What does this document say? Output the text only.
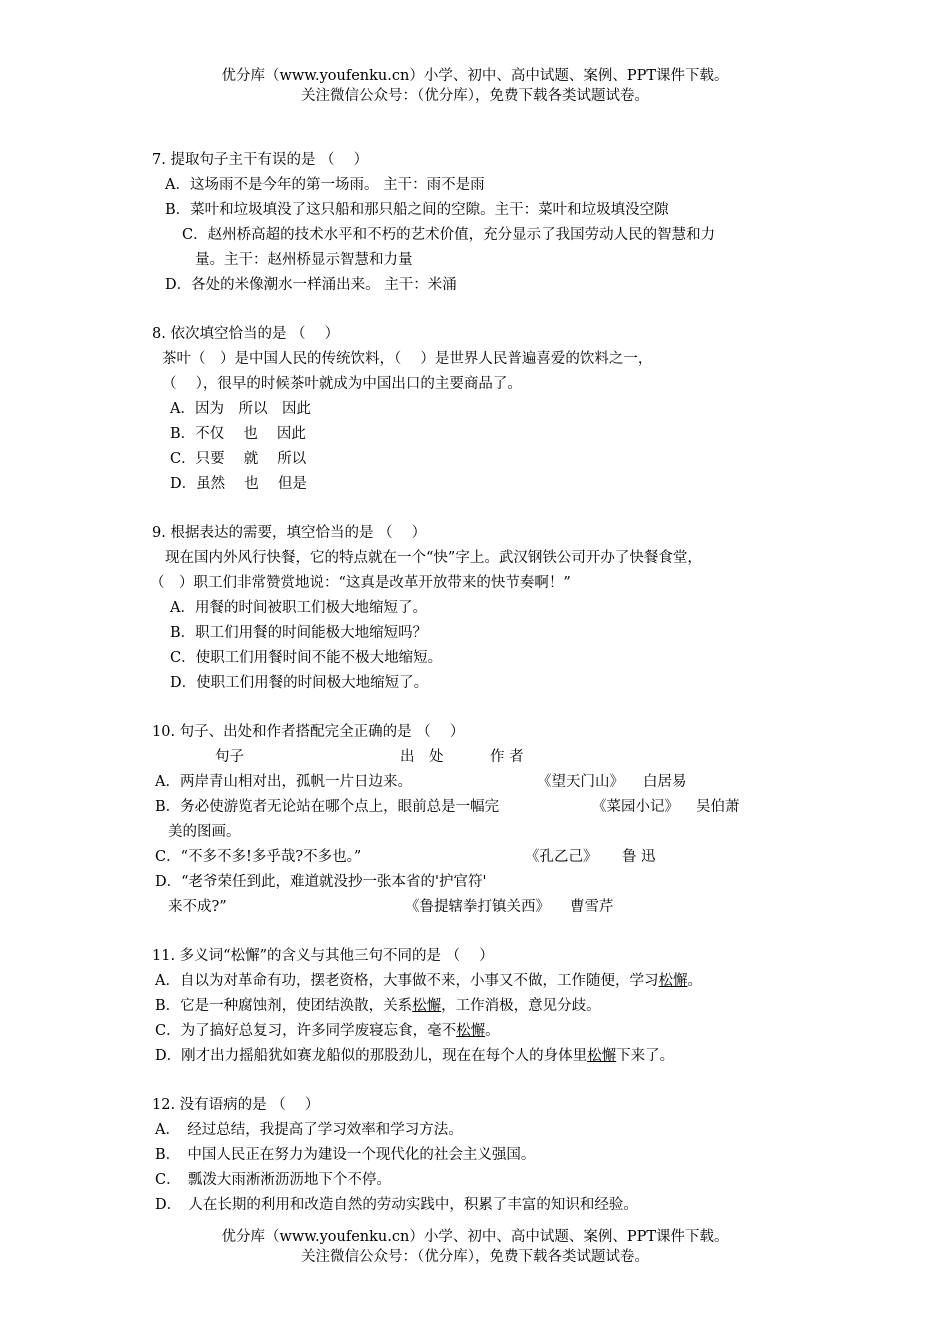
优分库（www.youfenku.cn）小学、初中、高中试题、案例、PPT课件下载。
关注微信公众号：（优分库），免费下载各类试题试卷。
7. 提取句子主干有误的是 （　 ）
A．这场雨不是今年的第一场雨。 主干：雨不是雨
B．菜叶和垃圾填没了这只船和那只船之间的空隙。主干：菜叶和垃圾填没空隙
C．赵州桥高超的技术水平和不朽的艺术价值，充分显示了我国劳动人民的智慧和力
量。主干：赵州桥显示智慧和力量
D．各处的米像潮水一样涌出来。 主干：米涌
8. 依次填空恰当的是 （　 ）
茶叶（　）是中国人民的传统饮料，（　 ）是世界人民普遍喜爱的饮料之一，
（　 ），很早的时候茶叶就成为中国出口的主要商品了。
A．因为　所以　因此
B．不仅　 也　 因此
C．只要　 就　 所以
D．虽然　 也　 但是
9. 根据表达的需要，填空恰当的是 （　 ）
现在国内外风行快餐，它的特点就在一个“快”字上。武汉钢铁公司开办了快餐食堂，
（　）职工们非常赞赏地说：“这真是改革开放带来的快节奏啊！”
A．用餐的时间被职工们极大地缩短了。
B．职工们用餐的时间能极大地缩短吗？
C．使职工们用餐时间不能不极大地缩短。
D．使职工们用餐的时间极大地缩短了。
10. 句子、出处和作者搭配完全正确的是 （　 ）
句子	出　处	作 者
A．两岸青山相对出，孤帆一片日边来。	《望天门山》 白居易
B．务必使游览者无论站在哪个点上，眼前总是一幅完	《菜园小记》 吴伯萧
美的图画。
C．“不多不多!多乎哉?不多也。”	《孔乙己》 鲁 迅
D．“老爷荣任到此，难道就没抄一张本省的'护官符'
来不成?”	《鲁提辖拳打镇关西》 曹雪芹
11. 多义词“松懈”的含义与其他三句不同的是 （　 ）
A．自以为对革命有功，摆老资格，大事做不来，小事又不做，工作随便，学习松懈。
B．它是一种腐蚀剂，使团结涣散，关系松懈，工作消极，意见分歧。
C．为了搞好总复习，许多同学废寝忘食，毫不松懈。
D．刚才出力摇船犹如赛龙船似的那股劲儿，现在在每个人的身体里松懈下来了。
12. 没有语病的是 （　 ）
A．　经过总结，我提高了学习效率和学习方法。
B．　中国人民正在努力为建设一个现代化的社会主义强国。
C．　瓢泼大雨淅淅沥沥地下个不停。
D．　人在长期的利用和改造自然的劳动实践中，积累了丰富的知识和经验。
优分库（www.youfenku.cn）小学、初中、高中试题、案例、PPT课件下载。
关注微信公众号：（优分库），免费下载各类试题试卷。
